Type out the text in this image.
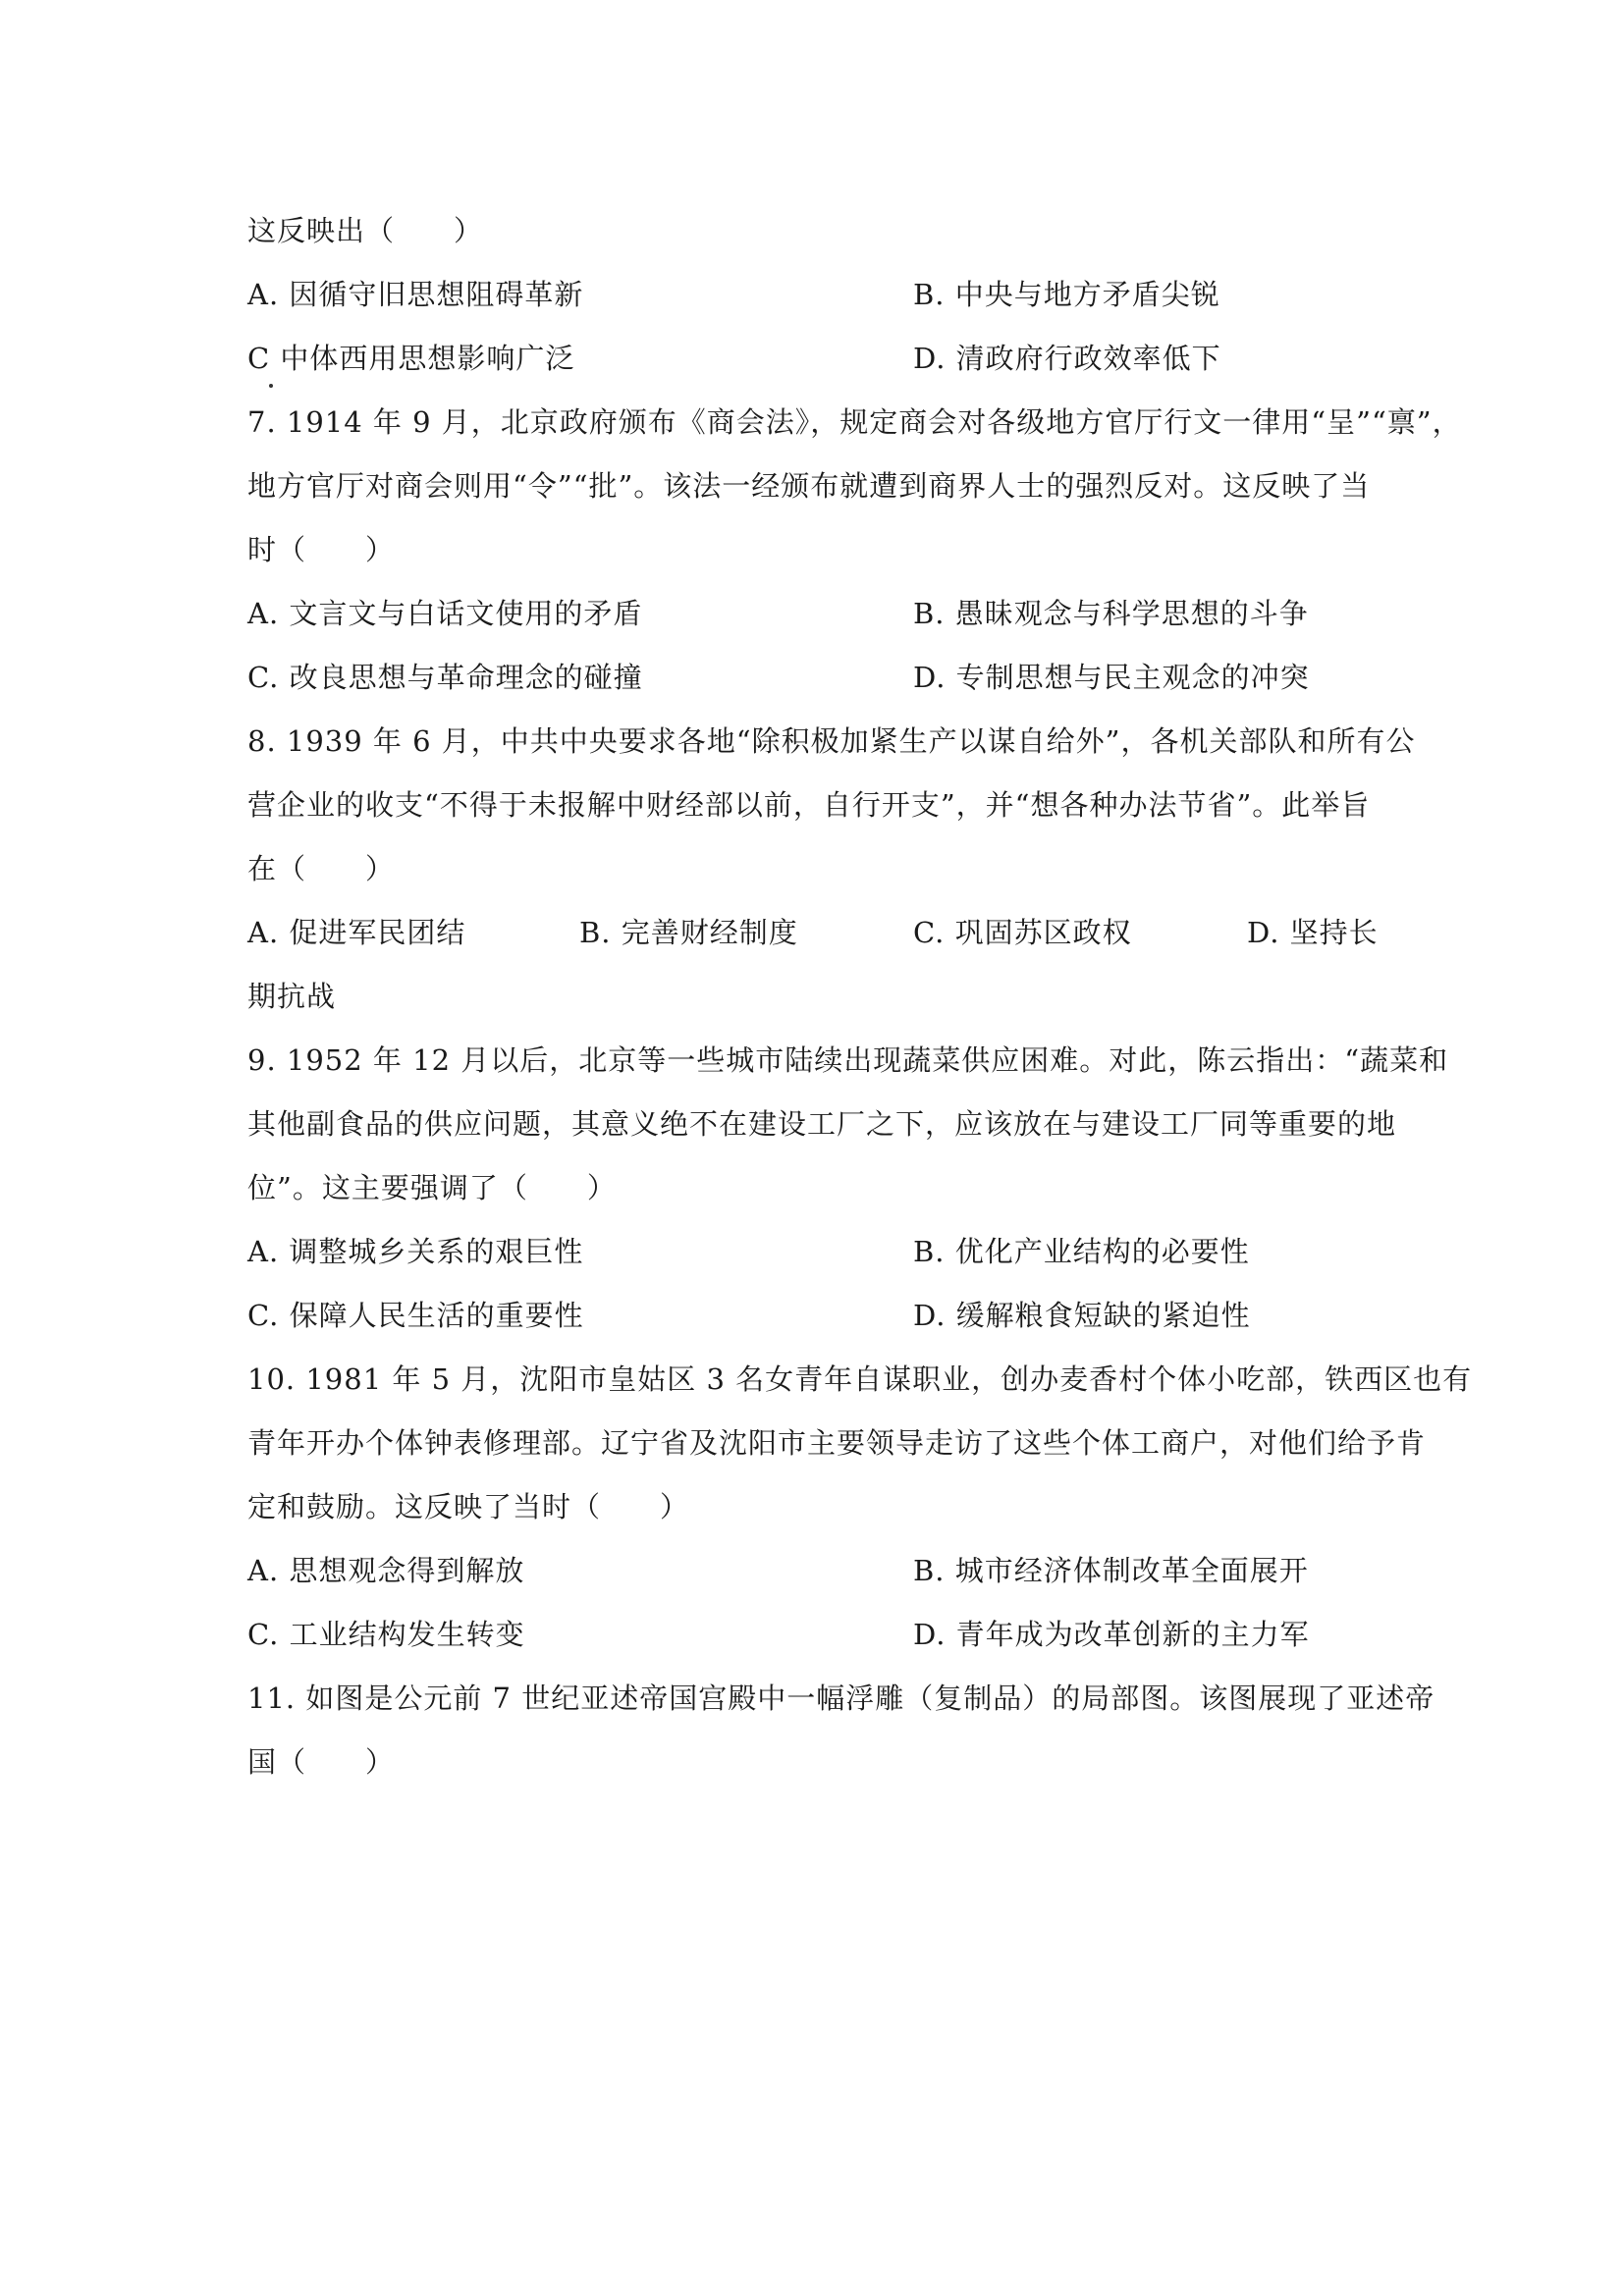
这反映出（　　）
A. 因循守旧思想阻碍革新	B. 中央与地方矛盾尖锐
C 中体西用思想影响广泛	D. 清政府行政效率低下
7. 1914 年 9 月，北京政府颁布《商会法》，规定商会对各级地方官厅行文一律用“呈”“禀”，
地方官厅对商会则用“令”“批”。该法一经颁布就遭到商界人士的强烈反对。这反映了当
时（　　）
A. 文言文与白话文使用的矛盾	B. 愚昧观念与科学思想的斗争
C. 改良思想与革命理念的碰撞	D. 专制思想与民主观念的冲突
8. 1939 年 6 月，中共中央要求各地“除积极加紧生产以谋自给外”，各机关部队和所有公
营企业的收支“不得于未报解中财经部以前，自行开支”，并“想各种办法节省”。此举旨
在（　　）
A. 促进军民团结	B. 完善财经制度	C. 巩固苏区政权	D. 坚持长
期抗战
9. 1952 年 12 月以后，北京等一些城市陆续出现蔬菜供应困难。对此，陈云指出：“蔬菜和
其他副食品的供应问题，其意义绝不在建设工厂之下，应该放在与建设工厂同等重要的地
位”。这主要强调了（　　）
A. 调整城乡关系的艰巨性	B. 优化产业结构的必要性
C. 保障人民生活的重要性	D. 缓解粮食短缺的紧迫性
10. 1981 年 5 月，沈阳市皇姑区 3 名女青年自谋职业，创办麦香村个体小吃部，铁西区也有
青年开办个体钟表修理部。辽宁省及沈阳市主要领导走访了这些个体工商户，对他们给予肯
定和鼓励。这反映了当时（　　）
A. 思想观念得到解放	B. 城市经济体制改革全面展开
C. 工业结构发生转变	D. 青年成为改革创新的主力军
11. 如图是公元前 7 世纪亚述帝国宫殿中一幅浮雕（复制品）的局部图。该图展现了亚述帝
国（　　）
